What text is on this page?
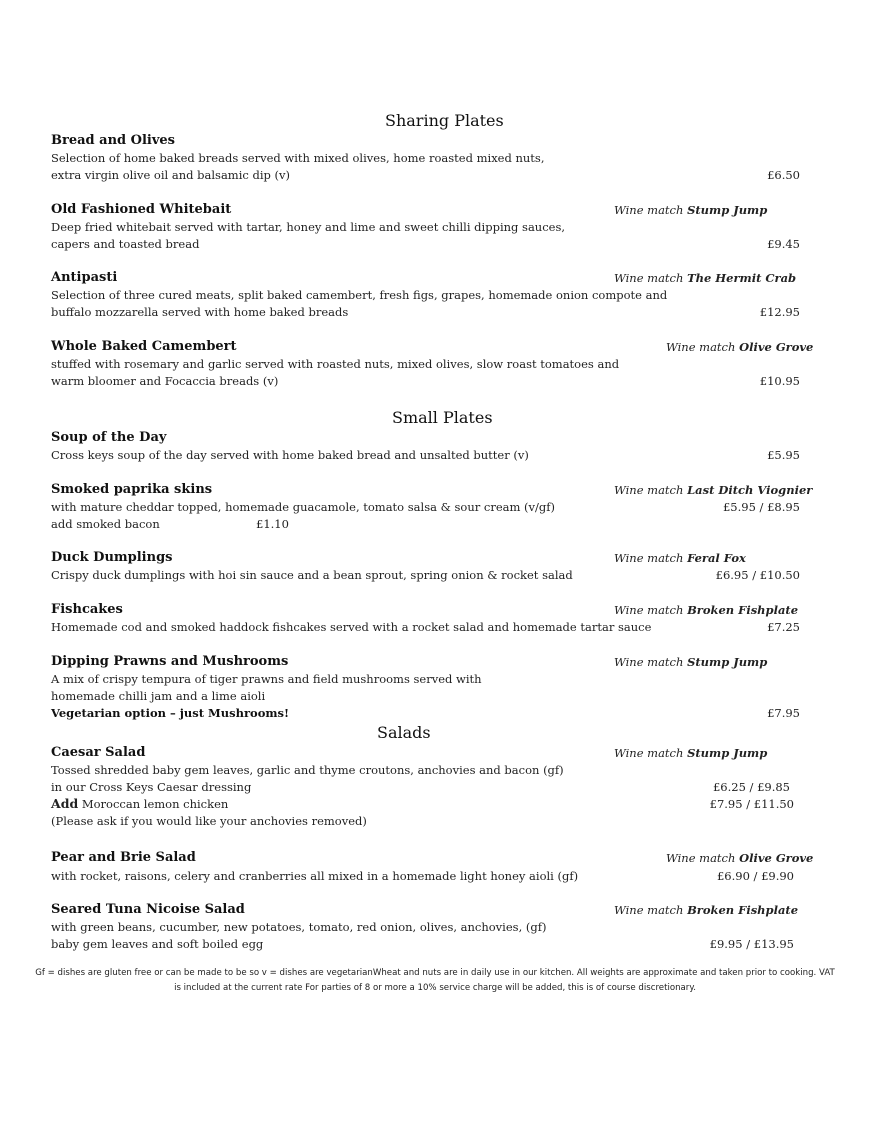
Sharing Plates
Bread and Olives
Selection of home baked breads served with mixed olives, home roasted mixed nuts,
extra virgin olive oil and balsamic dip (v)	£6.50
Old Fashioned Whitebait	Wine match Stump Jump
Deep fried whitebait served with tartar, honey and lime and sweet chilli dipping sauces,
capers and toasted bread	£9.45
Antipasti	Wine match The Hermit Crab
Selection of three cured meats, split baked camembert, fresh figs, grapes, homemade onion compote and
buffalo mozzarella served with home baked breads	£12.95
Whole Baked Camembert	Wine match Olive Grove
stuffed with rosemary and garlic served with roasted nuts, mixed olives, slow roast tomatoes and
warm bloomer and Focaccia breads (v)	£10.95
Small Plates
Soup of the Day
Cross keys soup of the day served with home baked bread and unsalted butter (v)	£5.95
Smoked paprika skins	Wine match Last Ditch Viognier
with mature cheddar topped, homemade guacamole, tomato salsa & sour cream (v/gf)	£5.95 / £8.95
add smoked bacon	£1.10
Duck Dumplings	Wine match Feral Fox
Crispy duck dumplings with hoi sin sauce and a bean sprout, spring onion & rocket salad	£6.95 / £10.50
Fishcakes	Wine match Broken Fishplate
Homemade cod and smoked haddock fishcakes served with a rocket salad and homemade tartar sauce	£7.25
Dipping Prawns and Mushrooms	Wine match Stump Jump
A mix of crispy tempura of tiger prawns and field mushrooms served with
homemade chilli jam and a lime aioli
Vegetarian option – just Mushrooms!	£7.95
Salads
Caesar Salad	Wine match Stump Jump
Tossed shredded baby gem leaves, garlic and thyme croutons, anchovies and bacon (gf)
in our Cross Keys Caesar dressing	£6.25 / £9.85
Add Moroccan lemon chicken	£7.95 / £11.50
(Please ask if you would like your anchovies removed)
Pear and Brie Salad	Wine match Olive Grove
with rocket, raisons, celery and cranberries all mixed in a homemade light honey aioli (gf)	£6.90 / £9.90
Seared Tuna Nicoise Salad	Wine match Broken Fishplate
with green beans, cucumber, new potatoes, tomato, red onion, olives, anchovies, (gf)
baby gem leaves and soft boiled egg	£9.95 / £13.95
Gf = dishes are gluten free or can be made to be so v = dishes are vegetarianWheat and nuts are in daily use in our kitchen. All weights are approximate and taken prior to cooking. VAT
is included at the current rate For parties of 8 or more a 10% service charge will be added, this is of course discretionary.
